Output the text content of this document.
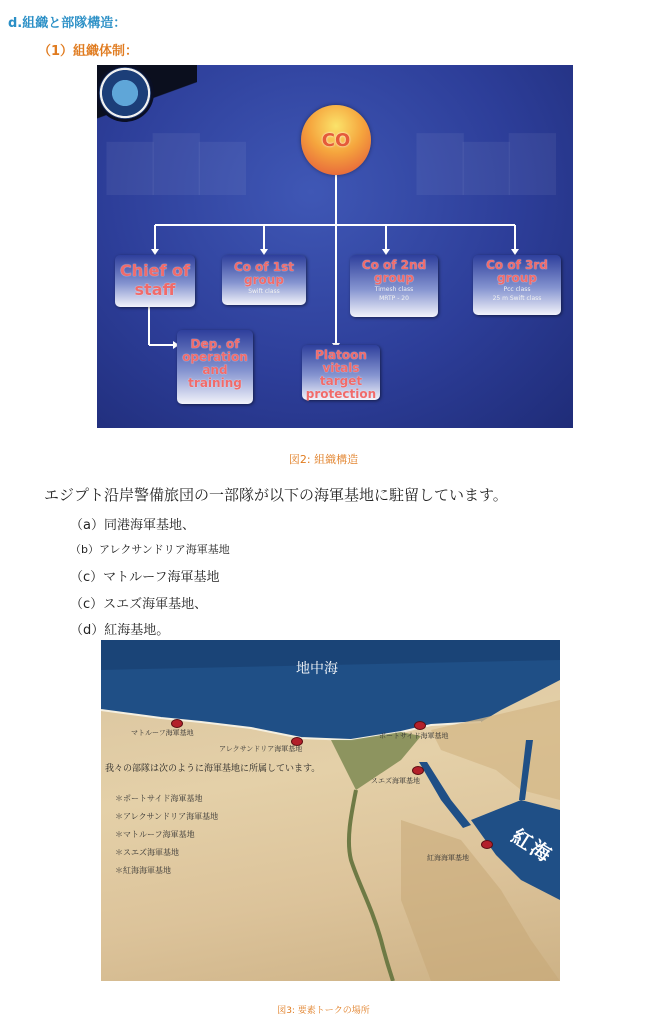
d.組織と部隊構造：
（1）組織体制：
▆▇▆	▇▆▇
CO
Chief of staff
Co of 1st group
Swift class
Co of 2nd group
Timesh class
MRTP - 20
Co of 3rd group
Pcc class
25 m Swift class
Dep. of operation and training
Platoon vitals target protection
図2: 組織構造
エジプト沿岸警備旅団の一部隊が以下の海軍基地に駐留しています。
（a）同港海軍基地、
（b）アレクサンドリア海軍基地
（c）マトルーフ海軍基地
（c）スエズ海軍基地、
（d）紅海基地。
地中海
紅海
マトルーフ海軍基地
アレクサンドリア海軍基地
ポートサイド海軍基地
スエズ海軍基地
紅海海軍基地
我々の部隊は次のように海軍基地に所属しています。
＊ポートサイド海軍基地
＊アレクサンドリア海軍基地
＊マトルーフ海軍基地
＊スエズ海軍基地
＊紅海海軍基地
図3: 要素トークの場所
